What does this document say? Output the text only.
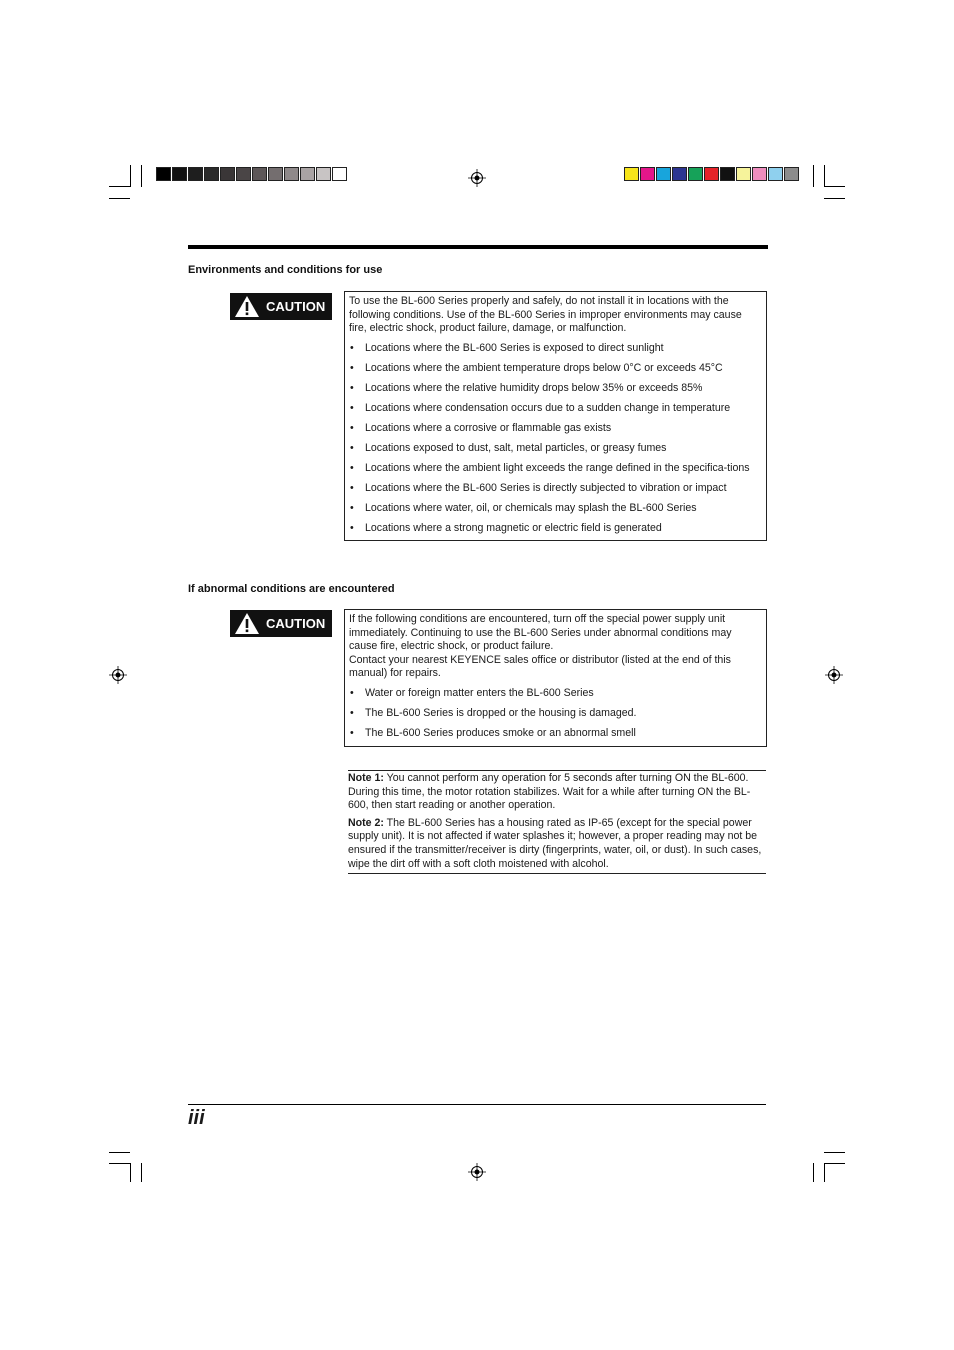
Environments and conditions for use
CAUTION To use the BL-600 Series properly and safely, do not install it in locations with the following conditions. Use of the BL-600 Series in improper environments may cause fire, electric shock, product failure, damage, or malfunction.

• Locations where the BL-600 Series is exposed to direct sunlight
• Locations where the ambient temperature drops below 0°C or exceeds 45°C
• Locations where the relative humidity drops below 35% or exceeds 85%
• Locations where condensation occurs due to a sudden change in temperature
• Locations where a corrosive or flammable gas exists
• Locations exposed to dust, salt, metal particles, or greasy fumes
• Locations where the ambient light exceeds the range defined in the specifica-tions
• Locations where the BL-600 Series is directly subjected to vibration or impact
• Locations where water, oil, or chemicals may splash the BL-600 Series
• Locations where a strong magnetic or electric field is generated
If abnormal conditions are encountered
CAUTION If the following conditions are encountered, turn off the special power supply unit immediately. Continuing to use the BL-600 Series under abnormal conditions may cause fire, electric shock, or product failure.

Contact your nearest KEYENCE sales office or distributor (listed at the end of this manual) for repairs.

• Water or foreign matter enters the BL-600 Series
• The BL-600 Series is dropped or the housing is damaged.
• The BL-600 Series produces smoke or an abnormal smell

Note 1: You cannot perform any operation for 5 seconds after turning ON the BL-600. During this time, the motor rotation stabilizes. Wait for a while after turning ON the BL-600, then start reading or another operation.

Note 2: The BL-600 Series has a housing rated as IP-65 (except for the special power supply unit). It is not affected if water splashes it; however, a proper reading may not be ensured if the transmitter/receiver is dirty (fingerprints, water, oil, or dust). In such cases, wipe the dirt off with a soft cloth moistened with alcohol.

iii
